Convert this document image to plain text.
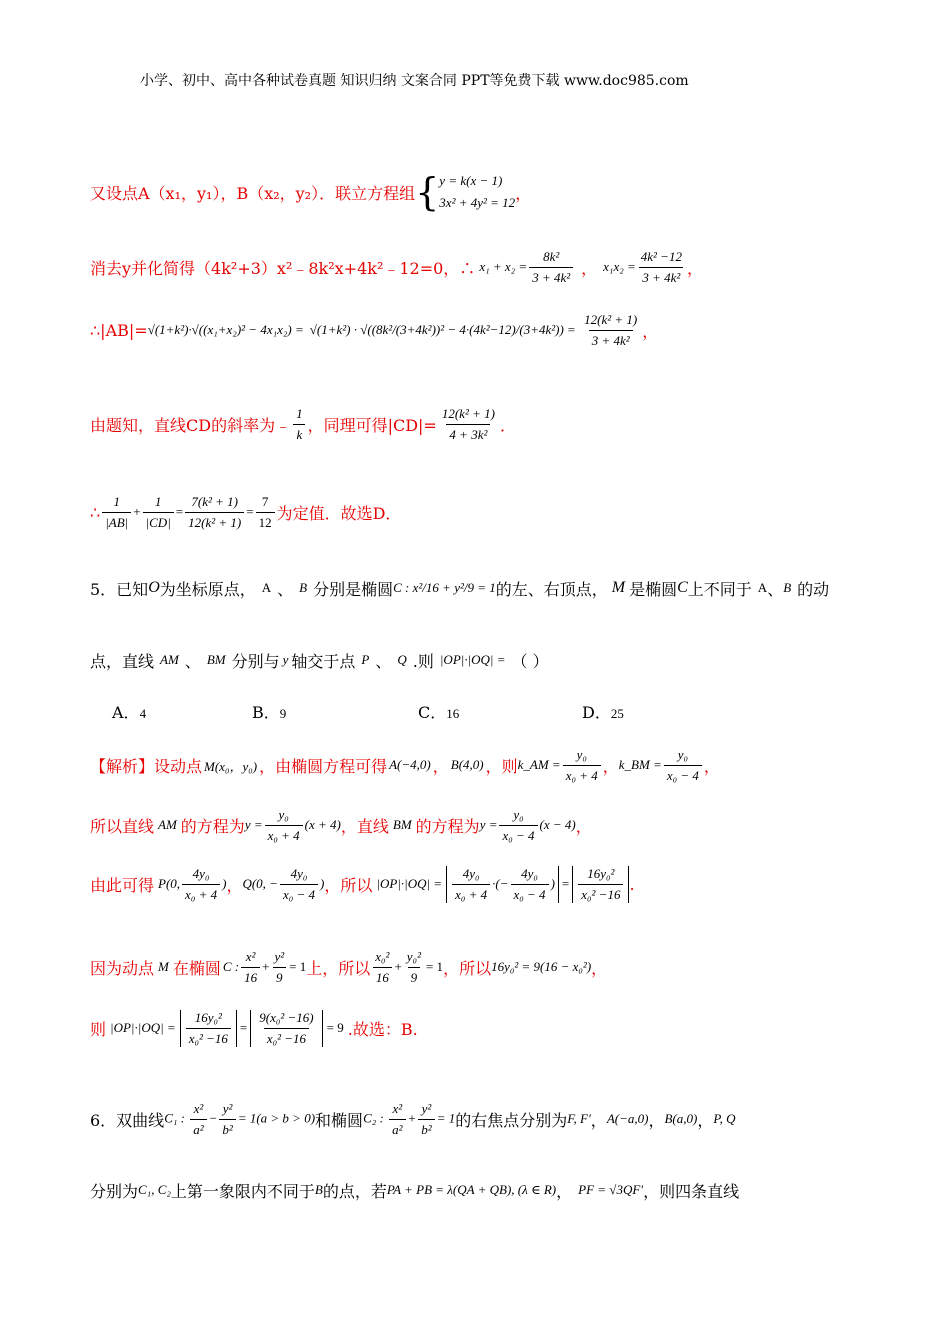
小学、初中、高中各种试卷真题 知识归纳 文案合同 PPT等免费下载 www.doc985.com
又设点A（x₁，y₁），B（x₂，y₂）．联立方程组 { y = k(x − 1)
3x² + 4y² = 12 ，
消去y并化简得（4k²+3）x²﹣8k²x+4k²﹣12=0，∴ $x_1 + x_2 = \frac{\text{8k²}}{\text{3 + 4k²}}$ ， $x_1x_2 = \frac{\text{4k² −12}}{\text{3 + 4k²}}$ ，
∴|AB|= $√(1+k^2)\cdot√((x_1+x_2)^2 - 4x_1x_2) = √(1+k^2) \cdot √((8k^2/(3+4k^2))^2 - 4\cdot(4k^2-12)/(3+4k^2)) = \frac{\text{12(k² + 1)}}{\text{3 + 4k²}}$ ，
由题知，直线CD的斜率为﹣ $\frac{1}{k}$ ，同理可得$|CD|= \frac{\text{12(k² + 1)}}{\text{4 + 3k²}}$ ．
∴ $\frac{1}{|AB|} + \frac{1}{|CD|} = \frac{\text{7(k² + 1)}}{\text{12(k² + 1)}} = \frac{7}{12}$ 为定值．故选D．
5．已知 O 为坐标原点， A 、 B 分别是椭圆 C : x²/16 + y²/9 = 1 的左、右顶点， M 是椭圆 C 上不同于 A 、 B 的动
点，直线 AM 、 BM 分别与 y 轴交于点 P 、 Q .则 |OP|·|OQ| = （ ）
A．4	B．9	C．16	D．25
【解析】设动点 M(x₀，y₀) ，由椭圆方程可得 A(−4,0) ， B(4,0) ，则 k_AM = $\frac{\text{y₀}}{\text{x₀ + 4}}$ ， k_BM = $\frac{\text{y₀}}{\text{x₀ − 4}}$ ，
所以直线 AM 的方程为 $y = \frac{\text{y₀}}{\text{x₀ + 4}} (x + 4)$ ，直线 BM 的方程为 $y = \frac{\text{y₀}}{\text{x₀ − 4}} (x - 4)$ ，
由此可得 P(0, $\frac{\text{4y₀}}{\text{x₀ + 4}}$ ) ， Q(0, − $\frac{\text{4y₀}}{\text{x₀ − 4}}$ ) ，所以 $|OP|\cdot|OQ| = \frac{\text{4y₀}}{\text{x₀ + 4}}$ ·(− $\frac{\text{4y₀}}{\text{x₀ − 4}}$ ) = $\frac{\text{16y₀²}}{\text{x₀² −16}}$ .
因为动点 M 在椭圆 C : $\frac{\text{x²}}{16} + \frac{\text{y²}}{9} = 1$ 上，所以 $\frac{\text{x₀²}}{16} + \frac{\text{y₀²}}{9} = 1$ ，所以 16y₀² = 9(16 − x₀²) ，
则 $|OP|\cdot|OQ| = \frac{\text{16y₀²}}{\text{x₀² −16}} = \frac{\text{9(x₀² −16)}}{\text{x₀² −16}} = 9$ .故选：B.
6．双曲线 C₁ : $\frac{\text{x²}}{\text{a²}} - \frac{\text{y²}}{\text{b²}} = 1(a > b > 0)$ 和椭圆 C₂ : $\frac{\text{x²}}{\text{a²}} + \frac{\text{y²}}{\text{b²}} = 1$ 的右焦点分别为 F, F′ ， A(−a,0) ， B(a,0) ， P, Q
分别为 C₁, C₂ 上第一象限内不同于 B 的点，若 PA + PB = λ(QA + QB), (λ ∈ R) ， PF = √3QF′ ，则四条直线
